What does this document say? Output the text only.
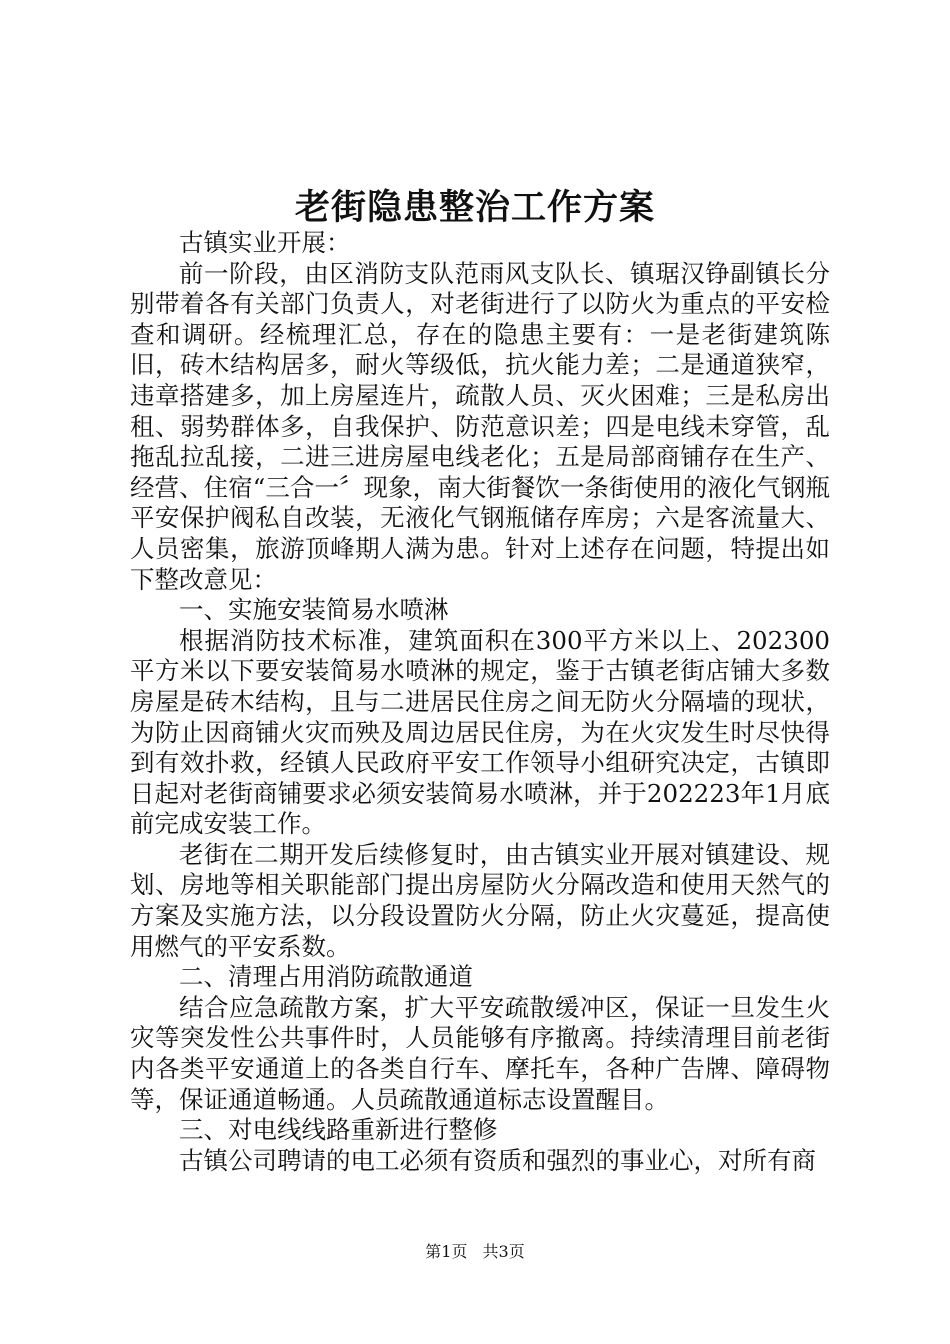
老街隐患整治工作方案

古镇实业开展：

前一阶段，由区消防支队范雨风支队长、镇琚汉铮副镇长分别带着各有关部门负责人，对老街进行了以防火为重点的平安检查和调研。经梳理汇总，存在的隐患主要有：一是老街建筑陈旧，砖木结构居多，耐火等级低，抗火能力差；二是通道狭窄，违章搭建多，加上房屋连片，疏散人员、灭火困难；三是私房出租、弱势群体多，自我保护、防范意识差；四是电线未穿管，乱拖乱拉乱接，二进三进房屋电线老化；五是局部商铺存在生产、经营、住宿“三合一〞现象，南大街餐饮一条街使用的液化气钢瓶平安保护阀私自改装，无液化气钢瓶储存库房；六是客流量大、人员密集，旅游顶峰期人满为患。针对上述存在问题，特提出如下整改意见：

一、实施安装简易水喷淋

根据消防技术标准，建筑面积在300平方米以上、202300平方米以下要安装简易水喷淋的规定，鉴于古镇老街店铺大多数房屋是砖木结构，且与二进居民住房之间无防火分隔墙的现状，为防止因商铺火灾而殃及周边居民住房，为在火灾发生时尽快得到有效扑救，经镇人民政府平安工作领导小组研究决定，古镇即日起对老街商铺要求必须安装简易水喷淋，并于202223年1月底前完成安装工作。

老街在二期开发后续修复时，由古镇实业开展对镇建设、规划、房地等相关职能部门提出房屋防火分隔改造和使用天然气的方案及实施方法，以分段设置防火分隔，防止火灾蔓延，提高使用燃气的平安系数。

二、清理占用消防疏散通道

结合应急疏散方案，扩大平安疏散缓冲区，保证一旦发生火灾等突发性公共事件时，人员能够有序撤离。持续清理目前老街内各类平安通道上的各类自行车、摩托车，各种广告牌、障碍物等，保证通道畅通。人员疏散通道标志设置醒目。

三、对电线线路重新进行整修

古镇公司聘请的电工必须有资质和强烈的事业心，对所有商

第1页 共3页
